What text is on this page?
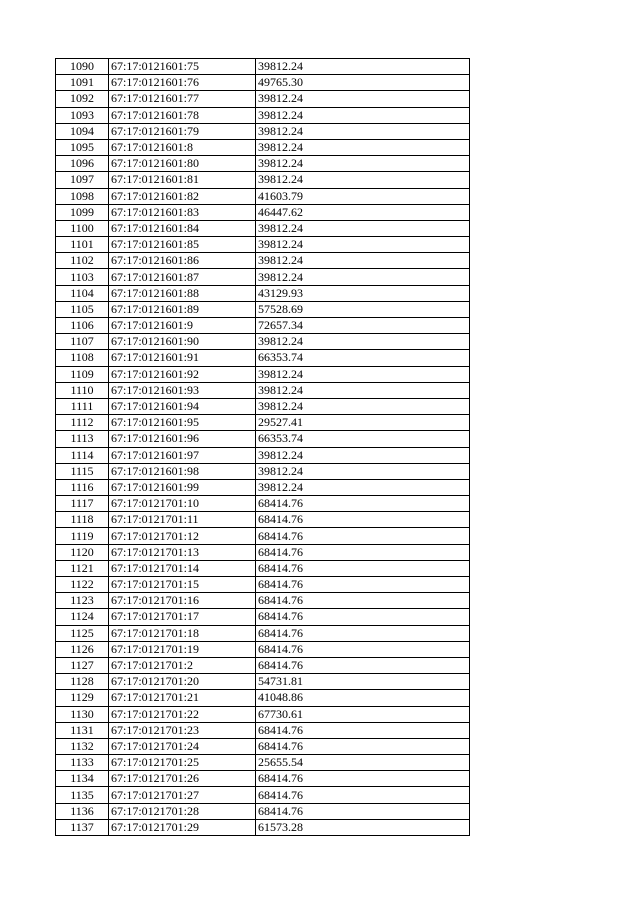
1090	67:17:0121601:75	39812.24
1091	67:17:0121601:76	49765.30
1092	67:17:0121601:77	39812.24
1093	67:17:0121601:78	39812.24
1094	67:17:0121601:79	39812.24
1095	67:17:0121601:8	39812.24
1096	67:17:0121601:80	39812.24
1097	67:17:0121601:81	39812.24
1098	67:17:0121601:82	41603.79
1099	67:17:0121601:83	46447.62
1100	67:17:0121601:84	39812.24
1101	67:17:0121601:85	39812.24
1102	67:17:0121601:86	39812.24
1103	67:17:0121601:87	39812.24
1104	67:17:0121601:88	43129.93
1105	67:17:0121601:89	57528.69
1106	67:17:0121601:9	72657.34
1107	67:17:0121601:90	39812.24
1108	67:17:0121601:91	66353.74
1109	67:17:0121601:92	39812.24
1110	67:17:0121601:93	39812.24
1111	67:17:0121601:94	39812.24
1112	67:17:0121601:95	29527.41
1113	67:17:0121601:96	66353.74
1114	67:17:0121601:97	39812.24
1115	67:17:0121601:98	39812.24
1116	67:17:0121601:99	39812.24
1117	67:17:0121701:10	68414.76
1118	67:17:0121701:11	68414.76
1119	67:17:0121701:12	68414.76
1120	67:17:0121701:13	68414.76
1121	67:17:0121701:14	68414.76
1122	67:17:0121701:15	68414.76
1123	67:17:0121701:16	68414.76
1124	67:17:0121701:17	68414.76
1125	67:17:0121701:18	68414.76
1126	67:17:0121701:19	68414.76
1127	67:17:0121701:2	68414.76
1128	67:17:0121701:20	54731.81
1129	67:17:0121701:21	41048.86
1130	67:17:0121701:22	67730.61
1131	67:17:0121701:23	68414.76
1132	67:17:0121701:24	68414.76
1133	67:17:0121701:25	25655.54
1134	67:17:0121701:26	68414.76
1135	67:17:0121701:27	68414.76
1136	67:17:0121701:28	68414.76
1137	67:17:0121701:29	61573.28
